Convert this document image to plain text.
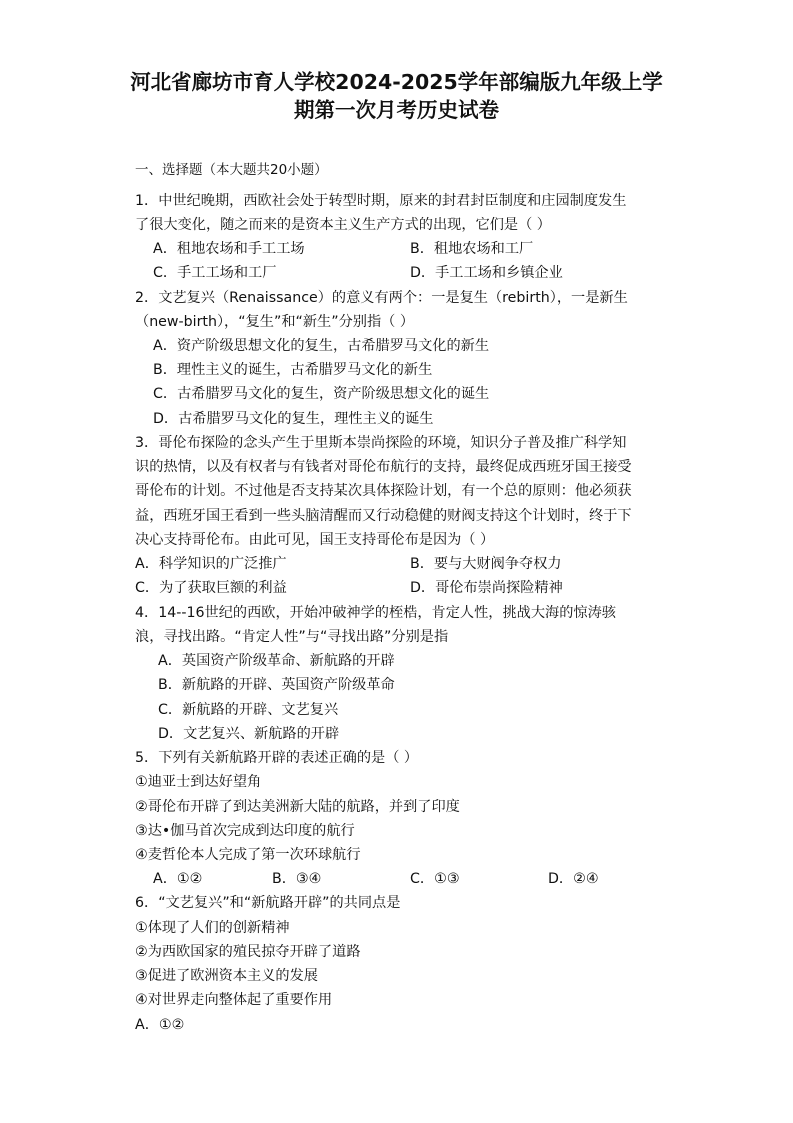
河北省廊坊市育人学校2024-2025学年部编版九年级上学
期第一次月考历史试卷
一、选择题（本大题共20小题）
1．中世纪晚期，西欧社会处于转型时期，原来的封君封臣制度和庄园制度发生
了很大变化，随之而来的是资本主义生产方式的出现，它们是（ ）
A．租地农场和手工工场	B．租地农场和工厂
C．手工工场和工厂	D．手工工场和乡镇企业
2．文艺复兴（Renaissance）的意义有两个：一是复生（rebirth），一是新生
（new-birth），“复生”和“新生”分别指（ ）
A．资产阶级思想文化的复生，古希腊罗马文化的新生
B．理性主义的诞生，古希腊罗马文化的新生
C．古希腊罗马文化的复生，资产阶级思想文化的诞生
D．古希腊罗马文化的复生，理性主义的诞生
3．哥伦布探险的念头产生于里斯本崇尚探险的环境，知识分子普及推广科学知
识的热情，以及有权者与有钱者对哥伦布航行的支持，最终促成西班牙国王接受
哥伦布的计划。不过他是否支持某次具体探险计划，有一个总的原则：他必须获
益，西班牙国王看到一些头脑清醒而又行动稳健的财阀支持这个计划时，终于下
决心支持哥伦布。由此可见，国王支持哥伦布是因为（ ）
A．科学知识的广泛推广	B．要与大财阀争夺权力
C．为了获取巨额的利益	D．哥伦布崇尚探险精神
4．14--16世纪的西欧，开始冲破神学的桎梏，肯定人性，挑战大海的惊涛骇
浪，寻找出路。“肯定人性”与“寻找出路”分别是指
A．英国资产阶级革命、新航路的开辟
B．新航路的开辟、英国资产阶级革命
C．新航路的开辟、文艺复兴
D．文艺复兴、新航路的开辟
5．下列有关新航路开辟的表述正确的是（ ）
①迪亚士到达好望角
②哥伦布开辟了到达美洲新大陆的航路，并到了印度
③达•伽马首次完成到达印度的航行
④麦哲伦本人完成了第一次环球航行
A．①②	B．③④	C．①③	D．②④
6．“文艺复兴”和“新航路开辟”的共同点是
①体现了人们的创新精神
②为西欧国家的殖民掠夺开辟了道路
③促进了欧洲资本主义的发展
④对世界走向整体起了重要作用
A．①②
